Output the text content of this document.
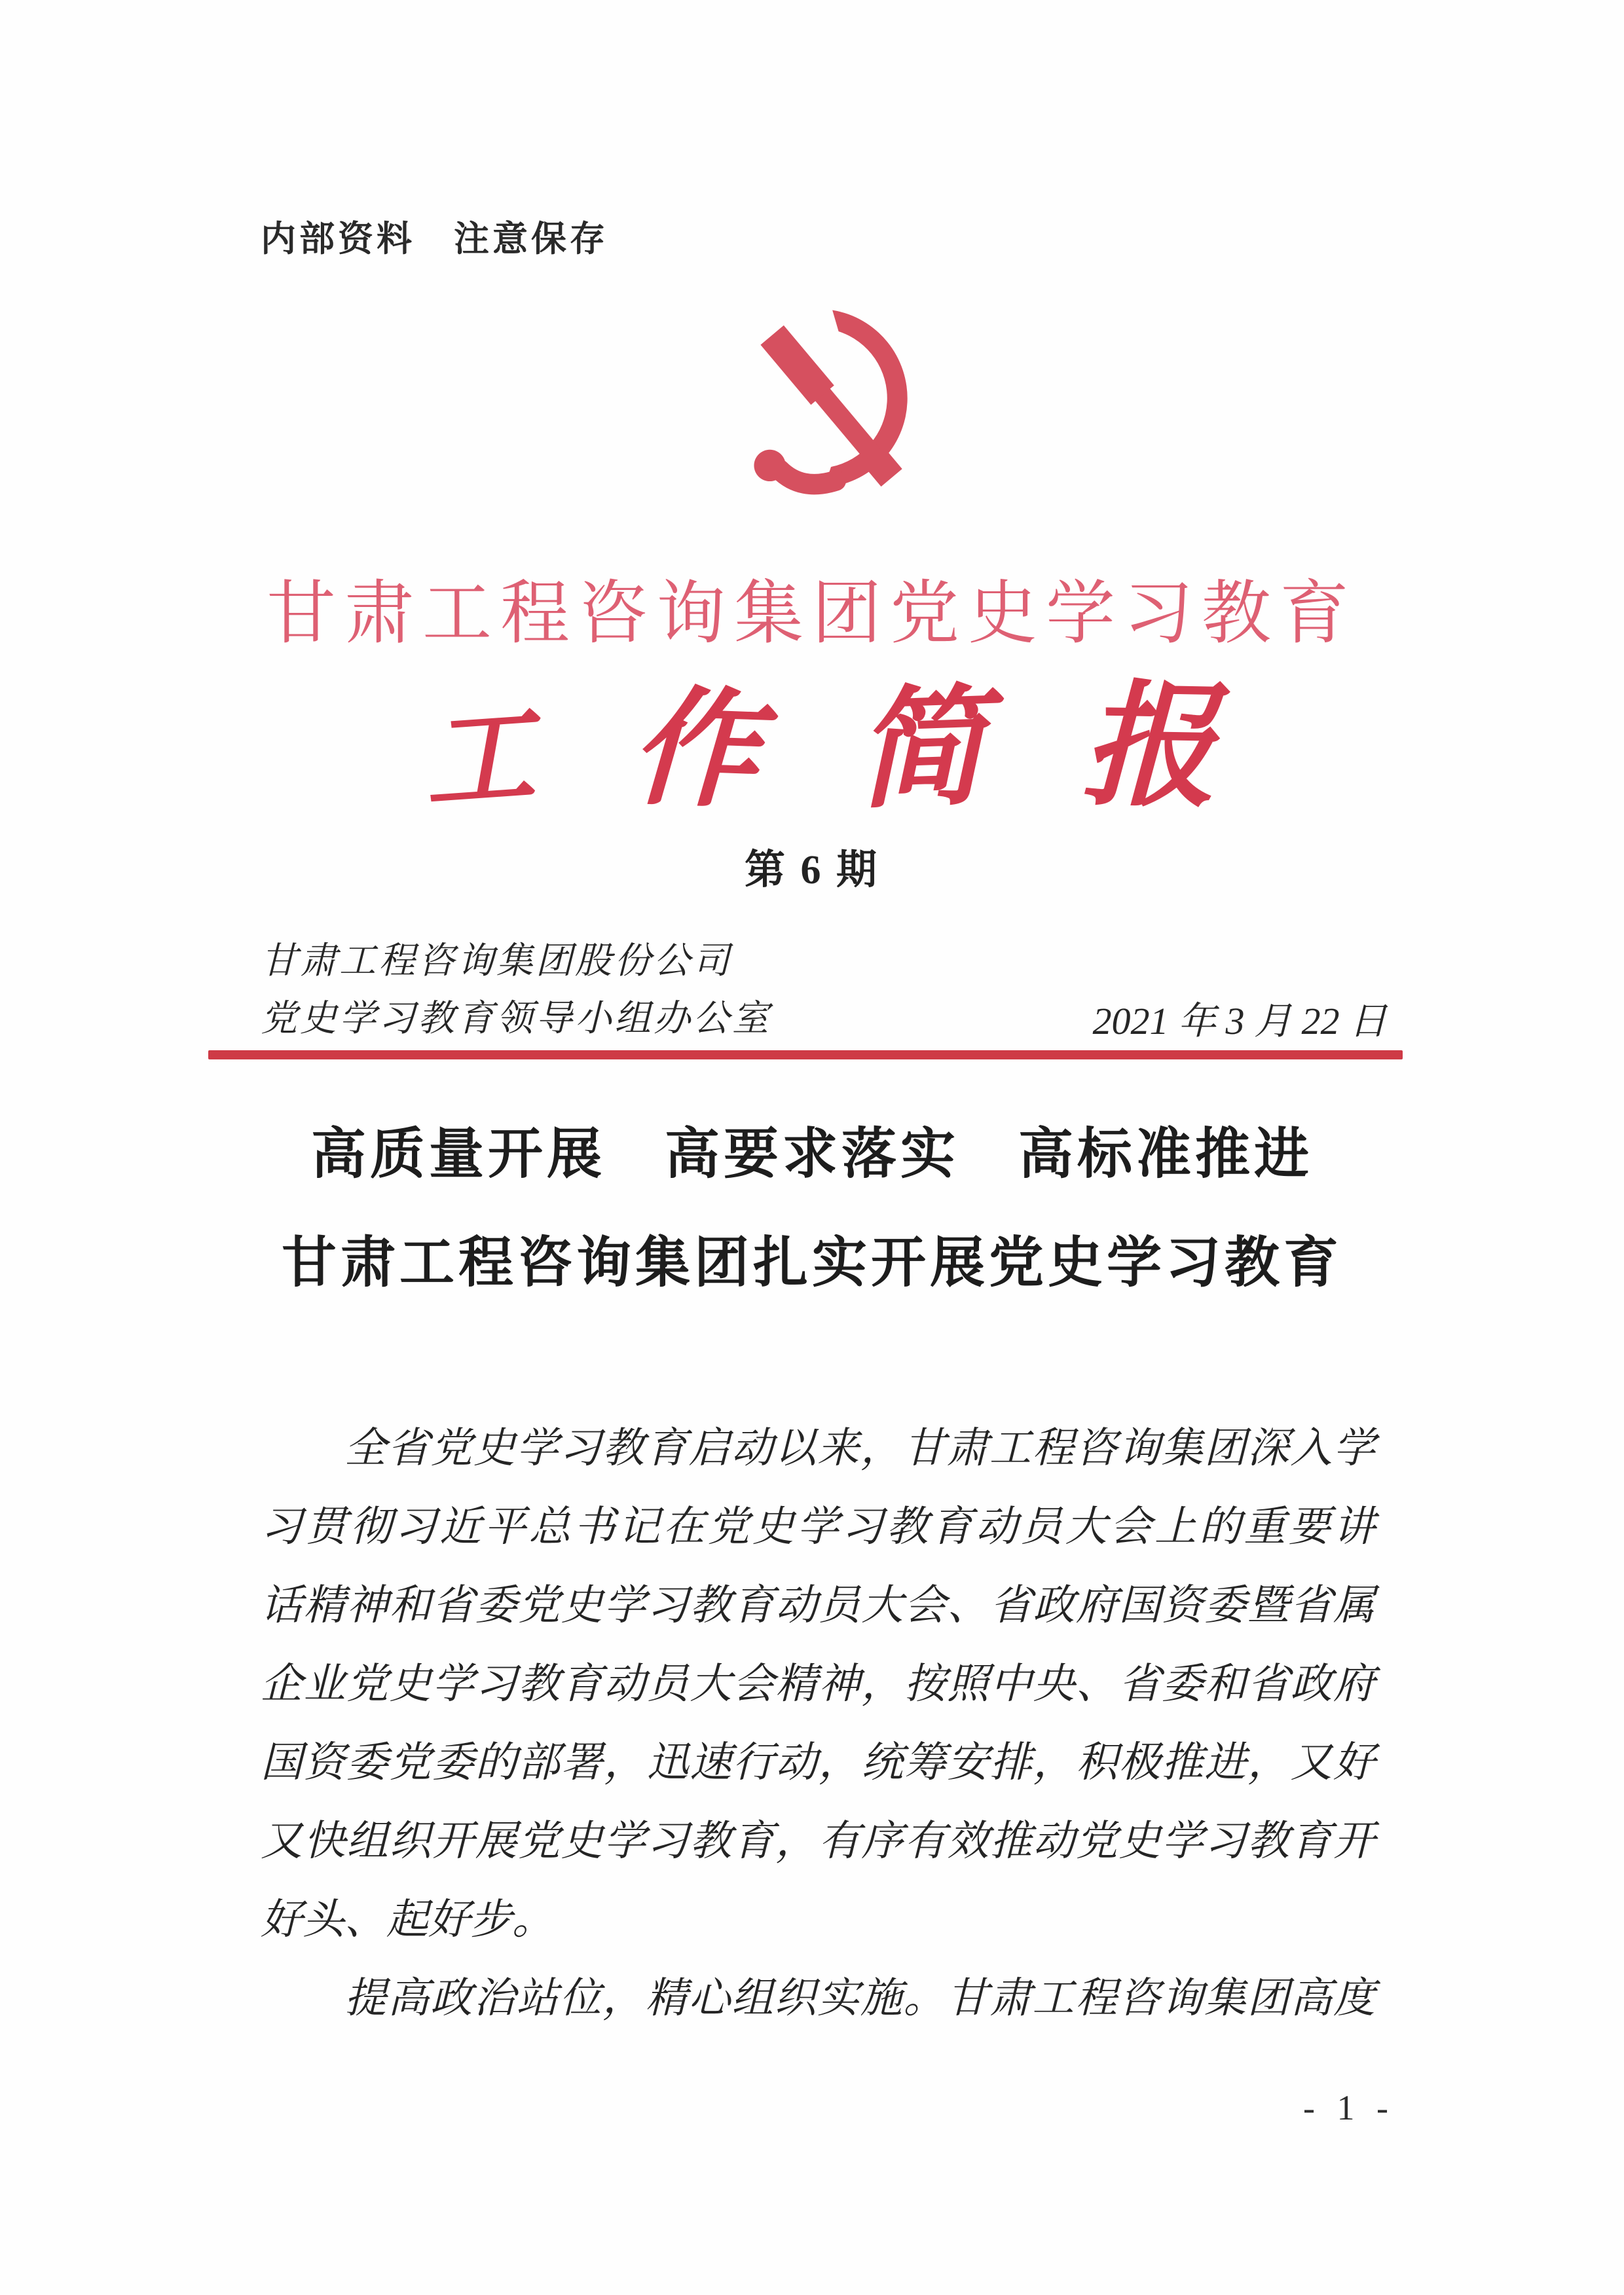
内部资料　注意保存
甘肃工程咨询集团党史学习教育
工 作 简 报
第 6 期
甘肃工程咨询集团股份公司
党史学习教育领导小组办公室	2021 年 3 月 22 日
高质量开展　高要求落实　高标准推进
甘肃工程咨询集团扎实开展党史学习教育
全省党史学习教育启动以来，甘肃工程咨询集团深入学
习贯彻习近平总书记在党史学习教育动员大会上的重要讲
话精神和省委党史学习教育动员大会、省政府国资委暨省属
企业党史学习教育动员大会精神，按照中央、省委和省政府
国资委党委的部署，迅速行动，统筹安排，积极推进，又好
又快组织开展党史学习教育，有序有效推动党史学习教育开
好头、起好步。
提高政治站位，精心组织实施。甘肃工程咨询集团高度
- 1 -
